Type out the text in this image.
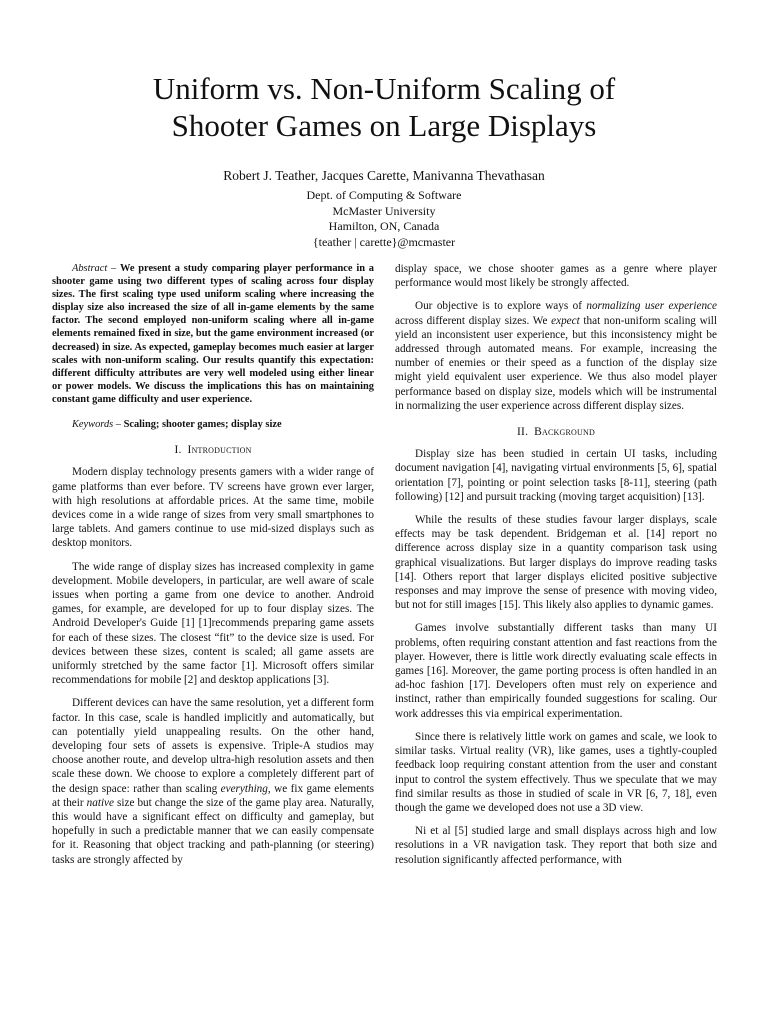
Uniform vs. Non-Uniform Scaling of
Shooter Games on Large Displays

Robert J. Teather, Jacques Carette, Manivanna Thevathasan

Dept. of Computing & Software
McMaster University
Hamilton, ON, Canada
{teather | carette}@mcmaster

Abstract – We present a study comparing player performance in a shooter game using two different types of scaling across four display sizes. The first scaling type used uniform scaling where increasing the display size also increased the size of all in-game elements by the same factor. The second employed non-uniform scaling where all in-game elements remained fixed in size, but the game environment increased (or decreased) in size. As expected, gameplay becomes much easier at larger scales with non-uniform scaling. Our results quantify this expectation: different difficulty attributes are very well modeled using either linear or power models. We discuss the implications this has on maintaining constant game difficulty and user experience.

Keywords – Scaling; shooter games; display size

I. Introduction

Modern display technology presents gamers with a wider range of game platforms than ever before. TV screens have grown ever larger, with high resolutions at affordable prices. At the same time, mobile devices come in a wide range of sizes from very small smartphones to large tablets. And gamers continue to use mid-sized displays such as desktop monitors.

The wide range of display sizes has increased complexity in game development. Mobile developers, in particular, are well aware of scale issues when porting a game from one device to another. Android games, for example, are developed for up to four display sizes. The Android Developer's Guide [1] [1]recommends preparing game assets for each of these sizes. The closest “fit” to the device size is used. For devices between these sizes, content is scaled; all game assets are uniformly stretched by the same factor [1]. Microsoft offers similar recommendations for mobile [2] and desktop applications [3].

Different devices can have the same resolution, yet a different form factor. In this case, scale is handled implicitly and automatically, but can potentially yield unappealing results. On the other hand, developing four sets of assets is expensive. Triple-A studios may choose another route, and develop ultra-high resolution assets and then scale these down. We choose to explore a completely different part of the design space: rather than scaling everything, we fix game elements at their native size but change the size of the game play area. Naturally, this would have a significant effect on difficulty and gameplay, but hopefully in such a predictable manner that we can easily compensate for it. Reasoning that object tracking and path-planning (or steering) tasks are strongly affected by

display space, we chose shooter games as a genre where player performance would most likely be strongly affected.

Our objective is to explore ways of normalizing user experience across different display sizes. We expect that non-uniform scaling will yield an inconsistent user experience, but this inconsistency might be addressed through automated means. For example, increasing the number of enemies or their speed as a function of the display size might yield equivalent user experience. We thus also model player performance based on display size, models which will be instrumental in normalizing the user experience across different display sizes.

II. Background

Display size has been studied in certain UI tasks, including document navigation [4], navigating virtual environments [5, 6], spatial orientation [7], pointing or point selection tasks [8-11], steering (path following) [12] and pursuit tracking (moving target acquisition) [13].

While the results of these studies favour larger displays, scale effects may be task dependent. Bridgeman et al. [14] report no difference across display size in a quantity comparison task using graphical visualizations. But larger displays do improve reading tasks [14]. Others report that larger displays elicited positive subjective responses and may improve the sense of presence with moving video, but not for still images [15]. This likely also applies to dynamic games.

Games involve substantially different tasks than many UI problems, often requiring constant attention and fast reactions from the player. However, there is little work directly evaluating scale effects in games [16]. Moreover, the game porting process is often handled in an ad-hoc fashion [17]. Developers often must rely on experience and instinct, rather than empirically founded suggestions for scaling. Our work addresses this via empirical experimentation.

Since there is relatively little work on games and scale, we look to similar tasks. Virtual reality (VR), like games, uses a tightly-coupled feedback loop requiring constant attention from the user and constant input to control the system effectively. Thus we speculate that we may find similar results as those in studied of scale in VR [6, 7, 18], even though the game we developed does not use a 3D view.

Ni et al [5] studied large and small displays across high and low resolutions in a VR navigation task. They report that both size and resolution significantly affected performance, with
